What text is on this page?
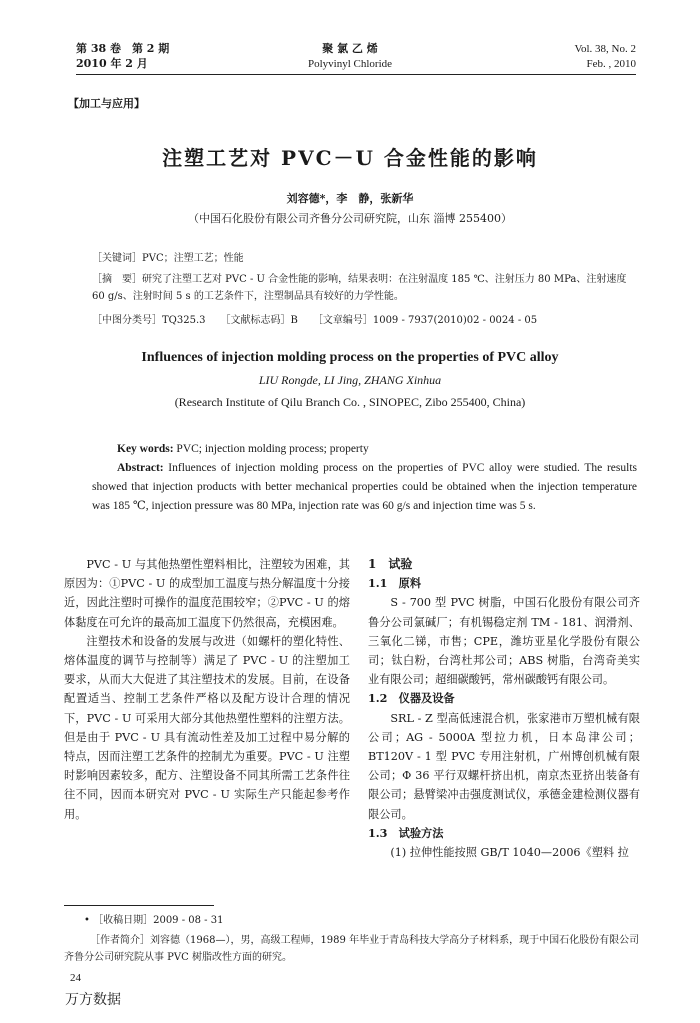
第 38 卷　第 2 期
2010 年 2 月
聚 氯 乙 烯
Polyvinyl Chloride
Vol. 38, No. 2
Feb. , 2010
【加工与应用】
注塑工艺对 PVC－U 合金性能的影响
刘容德*，李　静，张新华
（中国石化股份有限公司齐鲁分公司研究院，山东 淄博 255400）
［关键词］PVC；注塑工艺；性能
［摘　要］研究了注塑工艺对 PVC - U 合金性能的影响，结果表明：在注射温度 185 ℃、注射压力 80 MPa、注射速度 60 g/s、注射时间 5 s 的工艺条件下，注塑制品具有较好的力学性能。
［中图分类号］TQ325.3　　［文献标志码］B　　［文章编号］1009 - 7937(2010)02 - 0024 - 05
Influences of injection molding process on the properties of PVC alloy
LIU Rongde, LI Jing, ZHANG Xinhua
(Research Institute of Qilu Branch Co. , SINOPEC, Zibo 255400, China)
Key words: PVC; injection molding process; property
Abstract: Influences of injection molding process on the properties of PVC alloy were studied. The results showed that injection products with better mechanical properties could be obtained when the injection temperature was 185 ℃, injection pressure was 80 MPa, injection rate was 60 g/s and injection time was 5 s.

PVC - U 与其他热塑性塑料相比，注塑较为困难，其原因为：①PVC - U 的成型加工温度与热分解温度十分接近，因此注塑时可操作的温度范围较窄；②PVC - U 的熔体黏度在可允许的最高加工温度下仍然很高，充模困难。

注塑技术和设备的发展与改进（如螺杆的塑化特性、熔体温度的调节与控制等）满足了 PVC - U 的注塑加工要求，从而大大促进了其注塑技术的发展。目前，在设备配置适当、控制工艺条件严格以及配方设计合理的情况下，PVC - U 可采用大部分其他热塑性塑料的注塑方法。但是由于 PVC - U 具有流动性差及加工过程中易分解的特点，因而注塑工艺条件的控制尤为重要。PVC - U 注塑时影响因素较多，配方、注塑设备不同其所需工艺条件往往不同，因而本研究对 PVC - U 实际生产只能起参考作用。

1　试验

1.1　原料

S - 700 型 PVC 树脂，中国石化股份有限公司齐鲁分公司氯碱厂；有机锡稳定剂 TM - 181、润滑剂、三氧化二锑，市售；CPE，潍坊亚星化学股份有限公司；钛白粉，台湾杜邦公司；ABS 树脂，台湾奇美实业有限公司；超细碳酸钙，常州碳酸钙有限公司。

1.2　仪器及设备

SRL - Z 型高低速混合机，张家港市万塑机械有限公司；AG - 5000A 型拉力机，日本岛津公司；BT120V - 1 型 PVC 专用注射机，广州博创机械有限公司；Φ 36 平行双螺杆挤出机，南京杰亚挤出装备有限公司；悬臂梁冲击强度测试仪，承德金建检测仪器有限公司。

1.3　试验方法

(1) 拉伸性能按照 GB/T 1040—2006《塑料 拉

• ［收稿日期］2009 - 08 - 31
［作者简介］刘容德（1968—），男，高级工程师，1989 年毕业于青岛科技大学高分子材料系，现于中国石化股份有限公司齐鲁分公司研究院从事 PVC 树脂改性方面的研究。
24
万方数据
